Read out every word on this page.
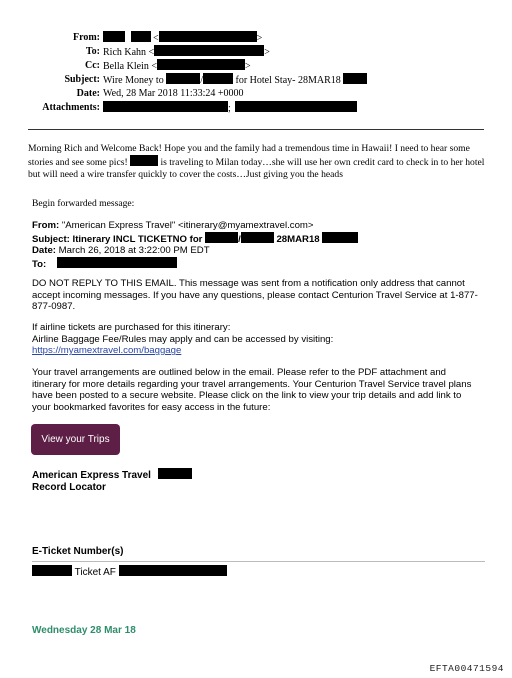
From:	<	>
To: Rich Kahn <	>
Cc: Bella Klein <	>
Subject: Wire Money to	/	for Hotel Stay- 28MAR18
Date: Wed, 28 Mar 2018 11:33:24 +0000
Attachments:	;
Morning Rich and Welcome Back! Hope you and the family had a tremendous time in Hawaii! I need to hear some stories and see some pics!	is traveling to Milan today…she will use her own credit card to check in to her hotel but will need a wire transfer quickly to cover the costs…Just giving you the heads
Begin forwarded message:
From: "American Express Travel" <itinerary@myamextravel.com>
Subject: Itinerary INCL TICKETNO for	/	28MAR18
Date: March 26, 2018 at 3:22:00 PM EDT
To:
DO NOT REPLY TO THIS EMAIL. This message was sent from a notification only address that cannot accept incoming messages. If you have any questions, please contact Centurion Travel Service at 1-877-877-0987.
If airline tickets are purchased for this itinerary:
Airline Baggage Fee/Rules may apply and can be accessed by visiting:
https://myamextravel.com/baggage
Your travel arrangements are outlined below in the email. Please refer to the PDF attachment and itinerary for more details regarding your travel arrangements. Your Centurion Travel Service travel plans have been posted to a secure website. Please click on the link to view your trip details and add link to your bookmarked favorites for easy access in the future:
View your Trips
American Express Travel
Record Locator
E-Ticket Number(s)
Ticket AF
Wednesday 28 Mar 18
EFTA00471594
